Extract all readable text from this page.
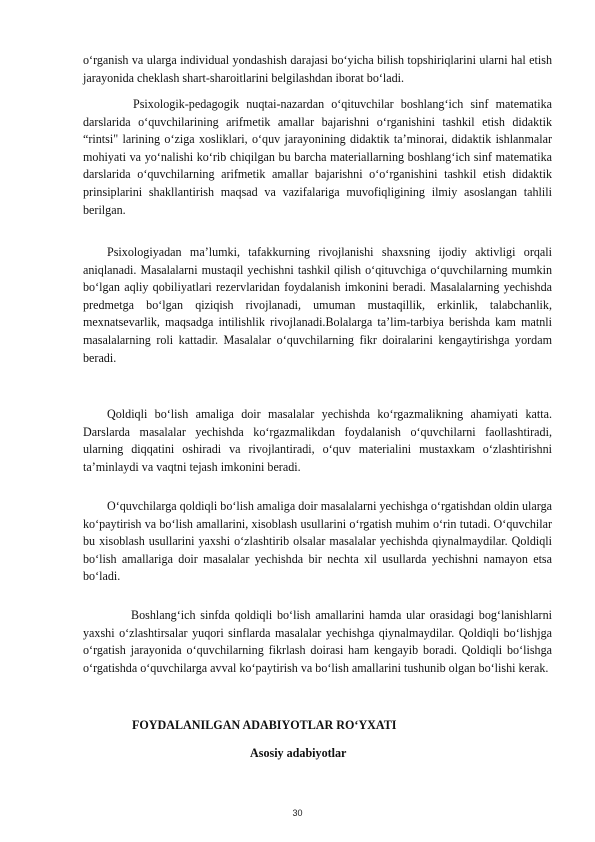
o‘rganish va ularga individual yondashish darajasi bo‘yicha bilish topshiriqlarini ularni hal etish jarayonida cheklash shart-sharoitlarini belgilashdan iborat bo‘ladi.

Psixologik-pedagogik nuqtai-nazardan o‘qituvchilar boshlang‘ich sinf matematika darslarida o‘quvchilarining arifmetik amallar bajarishni o‘rganishini tashkil etish didaktik “rintsi" larining o‘ziga xosliklari, o‘quv jarayonining didaktik ta’minorai, didaktik ishlanmalar mohiyati va yo‘nalishi ko‘rib chiqilgan bu barcha materiallarning boshlang‘ich sinf matematika darslarida o‘quvchilarning arifmetik amallar bajarishni o‘o‘rganishini tashkil etish didaktik prinsiplarini shakllantirish maqsad va vazifalariga muvofiqligining ilmiy asoslangan tahlili berilgan.

Psixologiyadan ma’lumki, tafakkurning rivojlanishi shaxsning ijodiy aktivligi orqali aniqlanadi. Masalalarni mustaqil yechishni tashkil qilish o‘qituvchiga o‘quvchilarning mumkin bo‘lgan aqliy qobiliyatlari rezervlaridan foydalanish imkonini beradi. Masalalarning yechishda predmetga bo‘lgan qiziqish rivojlanadi, umuman mustaqillik, erkinlik, talabchanlik, mexnatsevarlik, maqsadga intilishlik rivojlanadi.Bolalarga ta’lim-tarbiya berishda kam matnli masalalarning roli kattadir. Masalalar o‘quvchilarning fikr doiralarini kengaytirishga yordam beradi.

Qoldiqli bo‘lish amaliga doir masalalar yechishda ko‘rgazmalikning ahamiyati katta. Darslarda masalalar yechishda ko‘rgazmalikdan foydalanish o‘quvchilarni faollashtiradi, ularning diqqatini oshiradi va rivojlantiradi, o‘quv materialini mustaxkam o‘zlashtirishni ta’minlaydi va vaqtni tejash imkonini beradi.

O‘quvchilarga qoldiqli bo‘lish amaliga doir masalalarni yechishga o‘rgatishdan oldin ularga ko‘paytirish va bo‘lish amallarini, xisoblash usullarini o‘rgatish muhim o‘rin tutadi. O‘quvchilar bu xisoblash usullarini yaxshi o‘zlashtirib olsalar masalalar yechishda qiynalmaydilar. Qoldiqli bo‘lish amallariga doir masalalar yechishda bir nechta xil usullarda yechishni namayon etsa bo‘ladi.

Boshlang‘ich sinfda qoldiqli bo‘lish amallarini hamda ular orasidagi bog‘lanishlarni yaxshi o‘zlashtirsalar yuqori sinflarda masalalar yechishga qiynalmaydilar. Qoldiqli bo‘lishjga o‘rgatish jarayonida o‘quvchilarning fikrlash doirasi ham kengayib boradi. Qoldiqli bo‘lishga o‘rgatishda o‘quvchilarga avval ko‘paytirish va bo‘lish amallarini tushunib olgan bo‘lishi kerak.

FOYDALANILGAN ADABIYOTLAR RO‘YXATI

Asosiy adabiyotlar

30
